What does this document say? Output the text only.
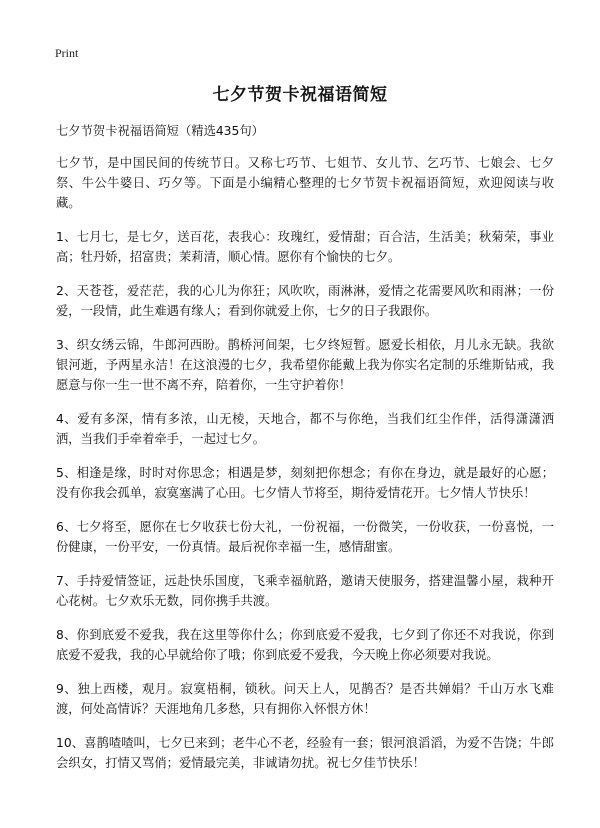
Print
七夕节贺卡祝福语简短

七夕节贺卡祝福语简短（精选435句）

七夕节，是中国民间的传统节日。又称七巧节、七姐节、女儿节、乞巧节、七娘会、七夕祭、牛公牛婆日、巧夕等。下面是小编精心整理的七夕节贺卡祝福语简短，欢迎阅读与收藏。

1、七月七，是七夕，送百花，表我心：玫瑰红，爱情甜；百合洁，生活美；秋菊荣，事业高；牡丹娇，招富贵；茉莉清，顺心情。愿你有个愉快的七夕。

2、天苍苍，爱茫茫，我的心儿为你狂；风吹吹，雨淋淋，爱情之花需要风吹和雨淋；一份爱，一段情，此生难遇有缘人；看到你就爱上你，七夕的日子我跟你。

3、织女绣云锦，牛郎河西盼。鹊桥河间架，七夕终短暂。愿爱长相依，月儿永无缺。我欲银河逝，予两星永洁！在这浪漫的七夕，我希望你能戴上我为你实名定制的乐维斯钻戒，我愿意与你一生一世不离不弃，陪着你，一生守护着你！

4、爱有多深，情有多浓，山无棱，天地合，都不与你绝，当我们红尘作伴，活得潇潇洒洒，当我们手牵着牵手，一起过七夕。

5、相逢是缘，时时对你思念；相遇是梦，刻刻把你想念；有你在身边，就是最好的心愿；没有你我会孤单，寂寞塞满了心田。七夕情人节将至，期待爱情花开。七夕情人节快乐！

6、七夕将至，愿你在七夕收获七份大礼，一份祝福，一份微笑，一份收获，一份喜悦，一份健康，一份平安，一份真情。最后祝你幸福一生，感情甜蜜。

7、手持爱情签证，远赴快乐国度，飞乘幸福航路，邀请天使服务，搭建温馨小屋，栽种开心花树。七夕欢乐无数，同你携手共渡。

8、你到底爱不爱我，我在这里等你什么；你到底爱不爱我，七夕到了你还不对我说，你到底爱不爱我，我的心早就给你了哦；你到底爱不爱我，今天晚上你必须要对我说。

9、独上西楼，观月。寂寞梧桐，锁秋。问天上人，见鹊否？是否共婵娟？千山万水飞难渡，何处高情诉？天涯地角几多愁，只有拥你入怀恨方休！

10、喜鹊喳喳叫，七夕已来到；老牛心不老，经验有一套；银河浪滔滔，为爱不告饶；牛郎会织女，打情又骂俏；爱情最完美，非诚请勿扰。祝七夕佳节快乐！
